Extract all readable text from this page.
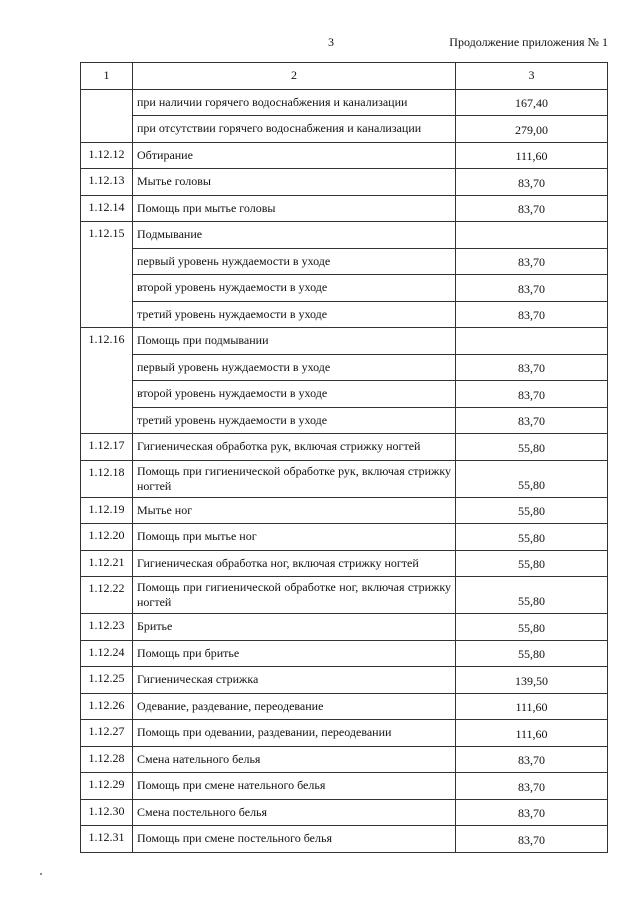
3	Продолжение приложения № 1
1	2	3
	при наличии горячего водоснабжения и канализации	167,40
	при отсутствии горячего водоснабжения и канализации	279,00
1.12.12	Обтирание	111,60
1.12.13	Мытье головы	83,70
1.12.14	Помощь при мытье головы	83,70
1.12.15	Подмывание	
	первый уровень нуждаемости в уходе	83,70
	второй уровень нуждаемости в уходе	83,70
	третий уровень нуждаемости в уходе	83,70
1.12.16	Помощь при подмывании	
	первый уровень нуждаемости в уходе	83,70
	второй уровень нуждаемости в уходе	83,70
	третий уровень нуждаемости в уходе	83,70
1.12.17	Гигиеническая обработка рук, включая стрижку ногтей	55,80
1.12.18	Помощь при гигиенической обработке рук, включая стрижку ногтей	55,80
1.12.19	Мытье ног	55,80
1.12.20	Помощь при мытье ног	55,80
1.12.21	Гигиеническая обработка ног, включая стрижку ногтей	55,80
1.12.22	Помощь при гигиенической обработке ног, включая стрижку ногтей	55,80
1.12.23	Бритье	55,80
1.12.24	Помощь при бритье	55,80
1.12.25	Гигиеническая стрижка	139,50
1.12.26	Одевание, раздевание, переодевание	111,60
1.12.27	Помощь при одевании, раздевании, переодевании	111,60
1.12.28	Смена нательного белья	83,70
1.12.29	Помощь при смене нательного белья	83,70
1.12.30	Смена постельного белья	83,70
1.12.31	Помощь при смене постельного белья	83,70
